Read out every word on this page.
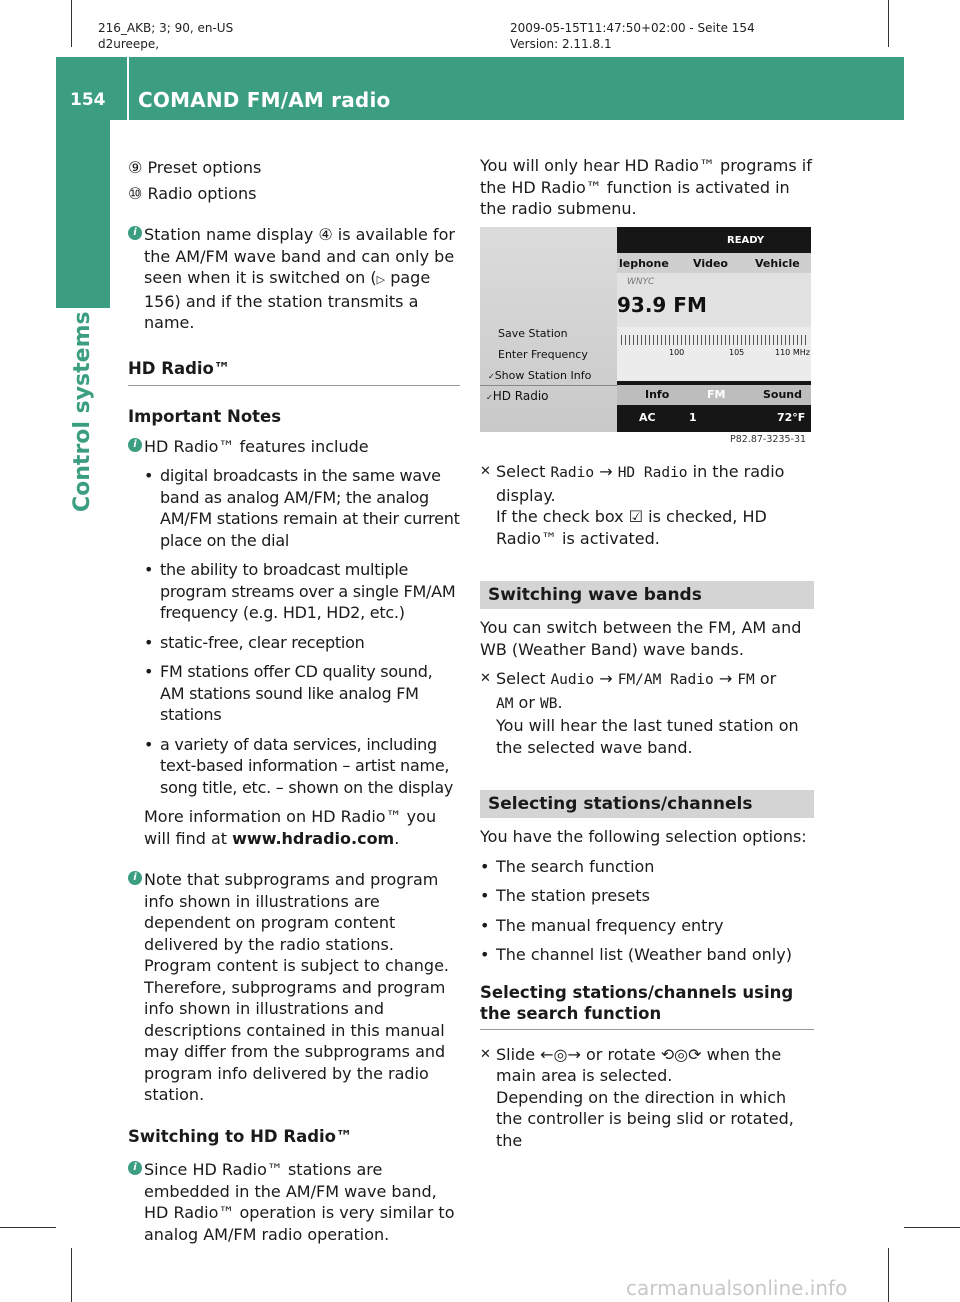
216_AKB; 3; 90, en-US
d2ureepe,
2009-05-15T11:47:50+02:00 - Seite 154
Version: 2.11.8.1
154	COMAND FM/AM radio
Control systems

⑨ Preset options

⑩ Radio options

i Station name display ④ is available for the AM/FM wave band and can only be seen when it is switched on (▷ page 156) and if the station transmits a name.

HD Radio™

Important Notes

i HD Radio™ features include

• digital broadcasts in the same wave band as analog AM/FM; the analog AM/FM stations remain at their current place on the dial

• the ability to broadcast multiple program streams over a single FM/AM frequency (e.g. HD1, HD2, etc.)

• static-free, clear reception

• FM stations offer CD quality sound, AM stations sound like analog FM stations

• a variety of data services, including text-based information – artist name, song title, etc. – shown on the display

More information on HD Radio™ you will find at www.hdradio.com.

i Note that subprograms and program info shown in illustrations are dependent on program content delivered by the radio stations. Program content is subject to change. Therefore, subprograms and program info shown in illustrations and descriptions contained in this manual may differ from the subprograms and program info delivered by the radio station.

Switching to HD Radio™

i Since HD Radio™ stations are embedded in the AM/FM wave band, HD Radio™ operation is very similar to analog AM/FM radio operation.

You will only hear HD Radio™ programs if the HD Radio™ function is activated in the radio submenu.

Save Station
Enter Frequency
✓Show Station Info
✓HD Radio
READY
lephone Video Vehicle
WNYC
93.9 FM
100	105	110 MHz
Info	FM	Sound
AC	1	72°F
P82.87-3235-31

✕ Select Radio → HD Radio in the radio display.

If the check box ☑ is checked, HD Radio™ is activated.

Switching wave bands

You can switch between the FM, AM and WB (Weather Band) wave bands.

✕ Select Audio → FM/AM Radio → FM or
AM or WB.

You will hear the last tuned station on the selected wave band.

Selecting stations/channels

You have the following selection options:

• The search function

• The station presets

• The manual frequency entry

• The channel list (Weather band only)

Selecting stations/channels using the search function

✕ Slide ←◎→ or rotate ⟲◎⟳ when the main area is selected.

Depending on the direction in which the controller is being slid or rotated, the

carmanualsonline.info
